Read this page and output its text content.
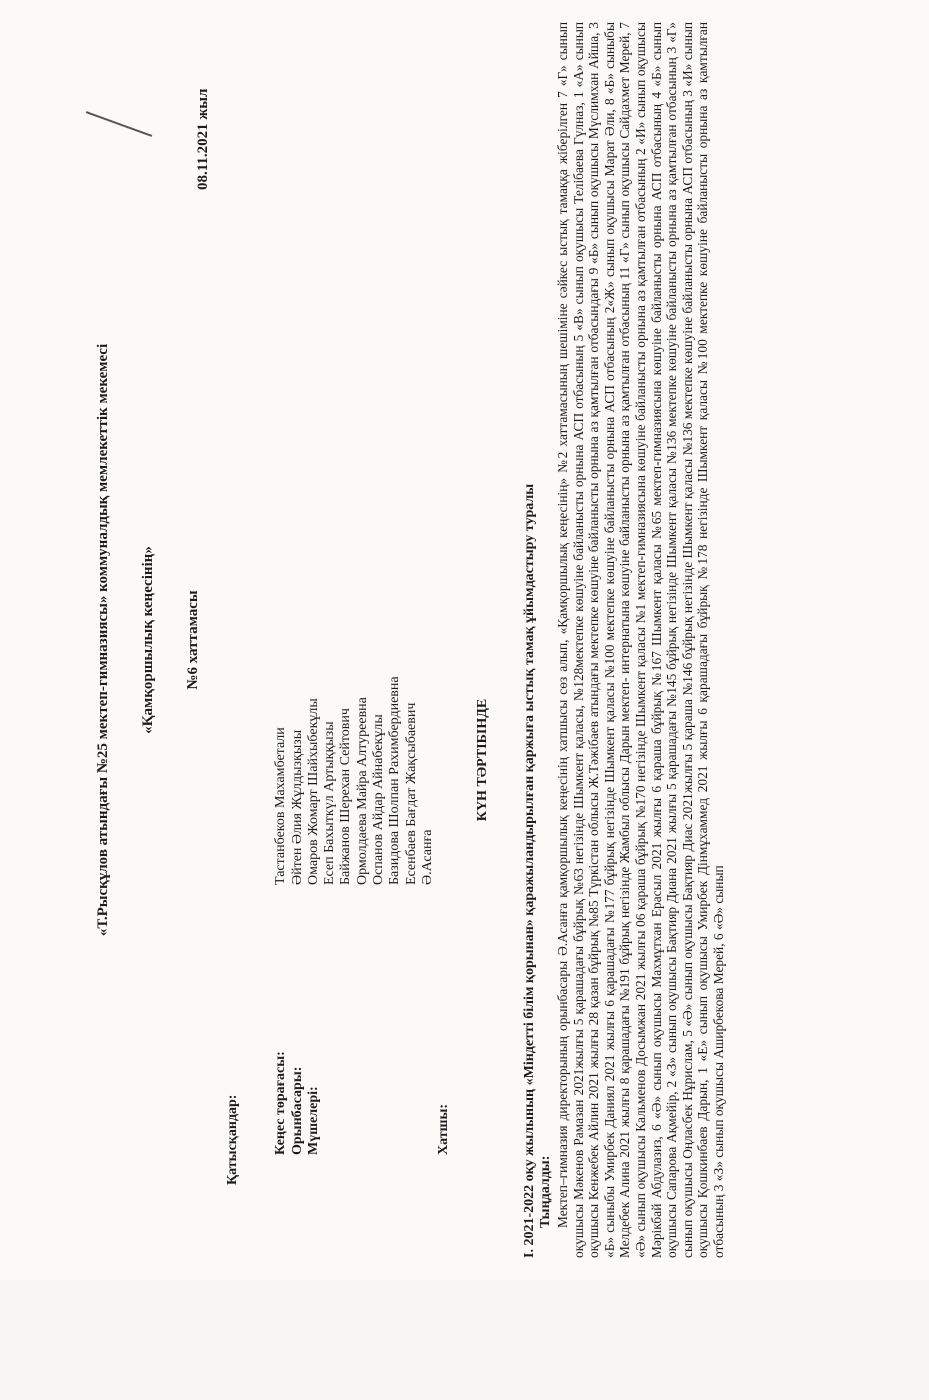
«Т.Рысқұлов атындағы №25 мектеп-гимназиясы» коммуналдық мемлекеттік мекемесі «Қамқоршылық кеңесінің» №6 хаттамасы
08.11.2021 жыл
Қатысқандар: Кеңес төрағасы:
Тастанбеков Махамбетали
Орынбасары:
Әйтен Әлия Жұлдызқызы
Мүшелері:
Омаров Жомарт Шайхыбекұлы Есеп Бахыткүл Артыққызы Байжанов Шерехан Сейтович Ормолдаева Майра Алтуреевна Оспанов Айдар Айнабекұлы Базидова Шолпан Рахимбердиевна Есенбаев Бағдат Жақсыбаевич
Хатшы:
Ә.Асанға
КҮН ТӘРТІБІНДЕ I. 2021-2022 оқу жылының «Міндетті білім қорынан» қаражыландырылған қаржыға ыстық тамақ ұйымдастыру туралы Тыңдалды: Мектеп–гимназия директорының орынбасары Ә.Асанға қамқоршылық кеңесінің хатшысы сөз алып, «Қамқоршылық кеңесінің» №2 хаттамасының шешіміне сәйкес ыстық тамаққа жіберілген 7 «Г» сынып оқушысы Мәкенов Рамазан 2021жылғы 5 қарашадағы бұйрық №63 негізінде Шымкент қаласы, №128мектепке көшуіне байланысты орнына АСП отбасының 5 «В» сынып оқушысы Телібаева Гүлназ, 1 «А» сынып оқушысы Кенжебек Айлин 2021 жылғы 28 қазан бұйрық №85 Түркістан облысы Ж.Тәжібаев атындағы мектепке көшуіне байланысты орнына аз қамтылған отбасындағы 9 «Б» сынып оқушысы Мүслимхан Айша, 3 «Б» сыныбы Умирбек Даниял 2021 жылғы 6 қарашадағы №177 бұйрық негізінде Шымкент қаласы №100 мектепке көшуіне байланысты орнына АСП отбасының 2«Ж» сынып оқушысы Марат Әли, 8 «Б» сыныбы Мелдебек Алина 2021 жылғы 8 қарашадағы №191 бұйрық негізінде Жамбыл облысы Дарын мектеп- интернатына көшуіне байланысты орнына аз қамтылған отбасының 11 «Г» сынып оқушысы Сайдахмет Мерей, 7 «Ә» сынып оқушысы Кальменов Досымжан 2021 жылғы 06 қараша бұйрық №170 негізінде Шымкент қаласы №1 мектеп-гимназиясына көшуіне байланысты орнына аз қамтылған отбасының 2 «И» сынып оқушысы Мәрікбай Абдулазиз, 6 «Ә» сынып оқушысы Махмұтхан Ерасыл 2021 жылғы 6 қараша бұйрық №167 Шымкент қаласы №65 мектеп-гимназиясына көшуіне байланысты орнына АСП отбасының 4 «Б» сынып оқушысы Сапарова Ақмейір, 2 «З» сынып оқушысы Бақтияр Диана 2021 жылғы 5 қарашадағы №145 бұйрық негізінде Шымкент қаласы №136 мектепке көшуіне байланысты орнына аз қамтылған отбасының 3 «Г» сынып оқушысы Оңласбек Нұрислам, 5 «Ә» сынып оқушысы Бақтияр Диас 2021жылғы 5 қараша №146 бұйрық негізінде Шымкент қаласы №136 мектепке көшуіне байланысты орнына АСП отбасының 3 «И» сынып оқушысы Қошкинбаев Дарын, 1 «Е» сынып оқушысы Умирбек Дінмұхаммед 2021 жылғы 6 қарашадағы бұйрық №178 негізінде Шымкент қаласы №100 мектепке көшуіне байланысты орнына аз қамтылған отбасының 3 «З» сынып оқушысы Аширбекова Мерей, 6 «Ә» сынып
